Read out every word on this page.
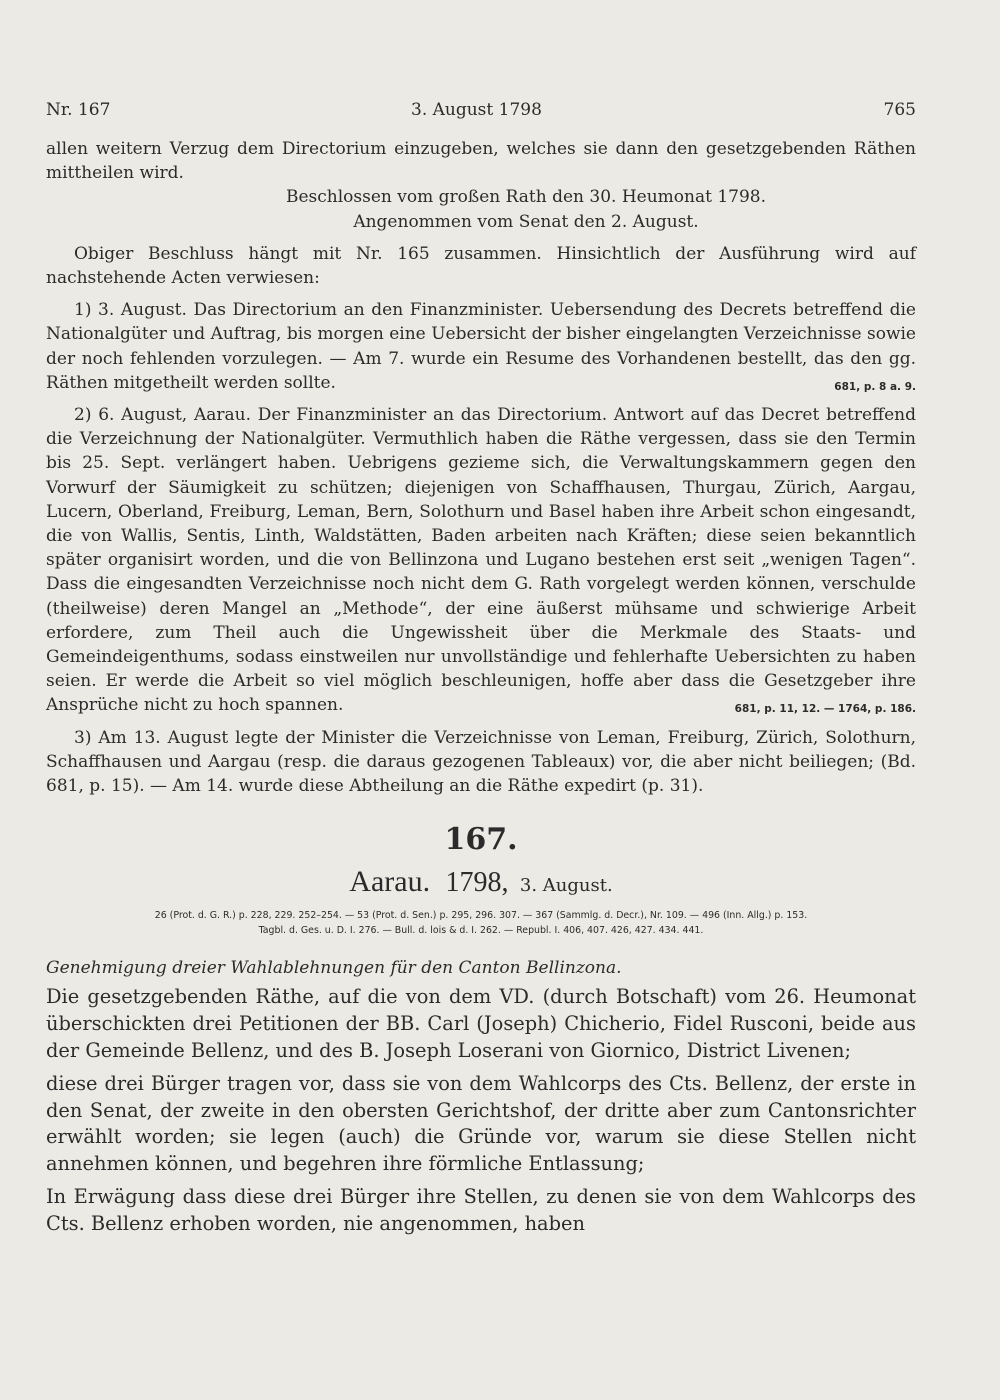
Nr. 167	3. August 1798	765

allen weitern Verzug dem Directorium einzugeben, welches sie dann den gesetzgebenden Räthen mittheilen wird.

Beschlossen vom großen Rath den 30. Heumonat 1798.
Angenommen vom Senat den 2. August.

Obiger Beschluss hängt mit Nr. 165 zusammen. Hinsichtlich der Ausführung wird auf nachstehende Acten verwiesen:

1) 3. August. Das Directorium an den Finanzminister. Uebersendung des Decrets betreffend die Nationalgüter und Auftrag, bis morgen eine Uebersicht der bisher eingelangten Verzeichnisse sowie der noch fehlenden vorzulegen. — Am 7. wurde ein Resume des Vorhandenen bestellt, das den gg. Räthen mitgetheilt werden sollte.	681, p. 8 a. 9.

2) 6. August, Aarau. Der Finanzminister an das Directorium. Antwort auf das Decret betreffend die Verzeichnung der Nationalgüter. Vermuthlich haben die Räthe vergessen, dass sie den Termin bis 25. Sept. verlängert haben. Uebrigens gezieme sich, die Verwaltungskammern gegen den Vorwurf der Säumigkeit zu schützen; diejenigen von Schaffhausen, Thurgau, Zürich, Aargau, Lucern, Oberland, Freiburg, Leman, Bern, Solothurn und Basel haben ihre Arbeit schon eingesandt, die von Wallis, Sentis, Linth, Waldstätten, Baden arbeiten nach Kräften; diese seien bekanntlich später organisirt worden, und die von Bellinzona und Lugano bestehen erst seit „wenigen Tagen“. Dass die eingesandten Verzeichnisse noch nicht dem G. Rath vorgelegt werden können, verschulde (theilweise) deren Mangel an „Methode“, der eine äußerst mühsame und schwierige Arbeit erfordere, zum Theil auch die Ungewissheit über die Merkmale des Staats- und Gemeindeigenthums, sodass einstweilen nur unvollständige und fehlerhafte Uebersichten zu haben seien. Er werde die Arbeit so viel möglich beschleunigen, hoffe aber dass die Gesetzgeber ihre Ansprüche nicht zu hoch spannen.	681, p. 11, 12. — 1764, p. 186.

3) Am 13. August legte der Minister die Verzeichnisse von Leman, Freiburg, Zürich, Solothurn, Schaffhausen und Aargau (resp. die daraus gezogenen Tableaux) vor, die aber nicht beiliegen; (Bd. 681, p. 15). — Am 14. wurde diese Abtheilung an die Räthe expedirt (p. 31).

167.
Aarau. 1798, 3. August.
26 (Prot. d. G. R.) p. 228, 229. 252–254. — 53 (Prot. d. Sen.) p. 295, 296. 307. — 367 (Sammlg. d. Decr.), Nr. 109. — 496 (Inn. Allg.) p. 153.
Tagbl. d. Ges. u. D. I. 276. — Bull. d. lois & d. I. 262. — Republ. I. 406, 407. 426, 427. 434. 441.
Genehmigung dreier Wahlablehnungen für den Canton Bellinzona.

Die gesetzgebenden Räthe, auf die von dem VD. (durch Botschaft) vom 26. Heumonat überschickten drei Petitionen der BB. Carl (Joseph) Chicherio, Fidel Rusconi, beide aus der Gemeinde Bellenz, und des B. Joseph Loserani von Giornico, District Livenen;

diese drei Bürger tragen vor, dass sie von dem Wahlcorps des Cts. Bellenz, der erste in den Senat, der zweite in den obersten Gerichtshof, der dritte aber zum Cantonsrichter erwählt worden; sie legen (auch) die Gründe vor, warum sie diese Stellen nicht annehmen können, und begehren ihre förmliche Entlassung;

In Erwägung dass diese drei Bürger ihre Stellen, zu denen sie von dem Wahlcorps des Cts. Bellenz erhoben worden, nie angenommen, haben
